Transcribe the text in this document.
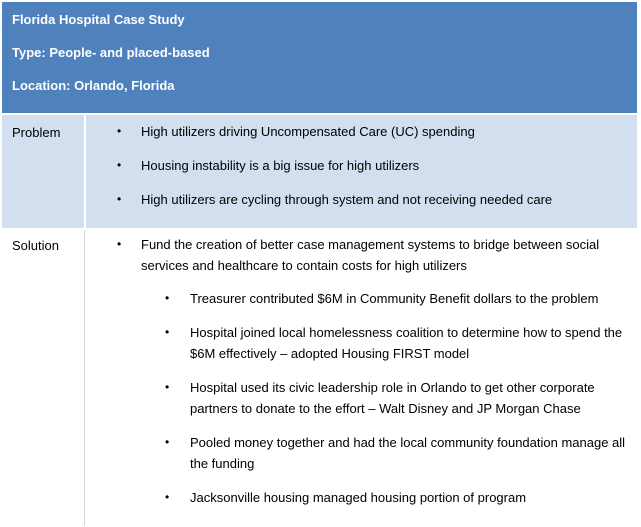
Florida Hospital Case Study
Type: People- and placed-based
Location: Orlando, Florida
Problem	• High utilizers driving Uncompensated Care (UC) spending
• Housing instability is a big issue for high utilizers
• High utilizers are cycling through system and not receiving needed care
Solution	•	Fund the creation of better case management systems to bridge between social services and healthcare to contain costs for high utilizers
• Treasurer contributed $6M in Community Benefit dollars to the problem
• Hospital joined local homelessness coalition to determine how to spend the $6M effectively – adopted Housing FIRST model
• Hospital used its civic leadership role in Orlando to get other corporate partners to donate to the effort – Walt Disney and JP Morgan Chase
• Pooled money together and had the local community foundation manage all the funding
• Jacksonville housing managed housing portion of program
